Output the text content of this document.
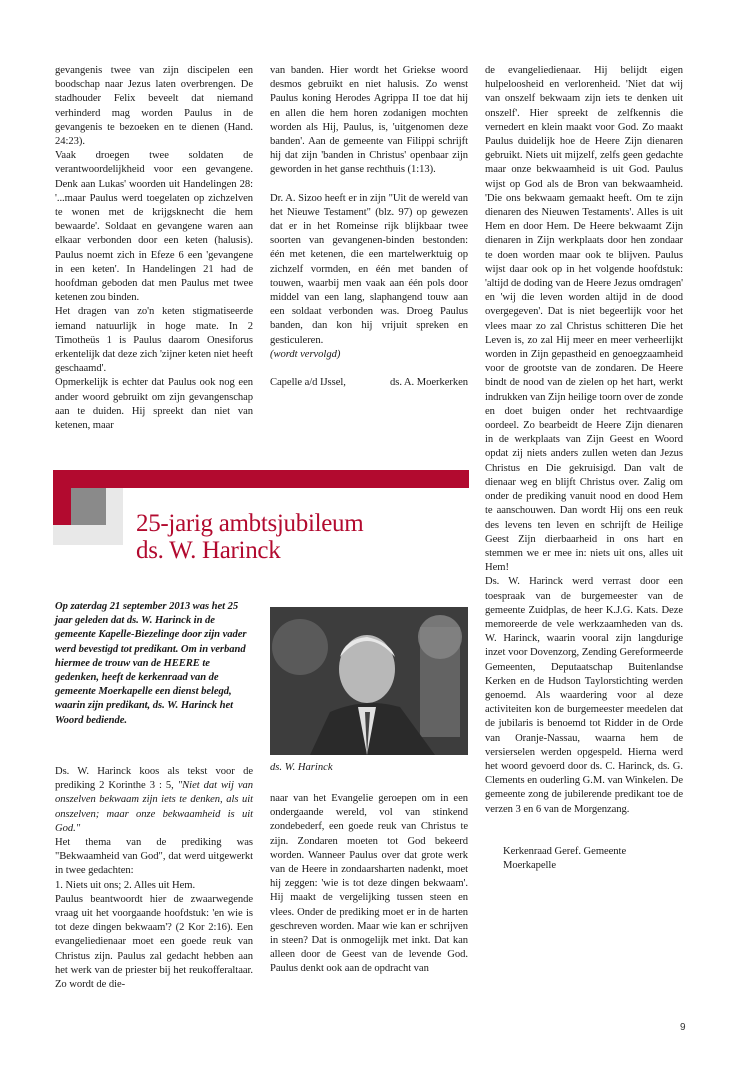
gevangenis twee van zijn discipelen een boodschap naar Jezus laten overbrengen. De stadhouder Felix beveelt dat niemand verhinderd mag worden Paulus in de gevangenis te bezoeken en te dienen (Hand. 24:23).

Vaak droegen twee soldaten de verantwoordelijkheid voor een gevangene. Denk aan Lukas' woorden uit Handelingen 28: '...maar Paulus werd toegelaten op zichzelven te wonen met de krijgsknecht die hem bewaarde'. Soldaat en gevangene waren aan elkaar verbonden door een keten (halusis). Paulus noemt zich in Efeze 6 een 'gevangene in een keten'. In Handelingen 21 had de hoofdman geboden dat men Paulus met twee ketenen zou binden.

Het dragen van zo'n keten stigmatiseerde iemand natuurlijk in hoge mate. In 2 Timotheüs 1 is Paulus daarom Onesiforus erkentelijk dat deze zich 'zijner keten niet heeft geschaamd'.

Opmerkelijk is echter dat Paulus ook nog een ander woord gebruikt om zijn gevangenschap aan te duiden. Hij spreekt dan niet van ketenen, maar

van banden. Hier wordt het Griekse woord desmos gebruikt en niet halusis. Zo wenst Paulus koning Herodes Agrippa II toe dat hij en allen die hem horen zodanigen mochten worden als Hij, Paulus, is, 'uitgenomen deze banden'. Aan de gemeente van Filippi schrijft hij dat zijn 'banden in Christus' openbaar zijn geworden in het ganse rechthuis (1:13).

Dr. A. Sizoo heeft er in zijn "Uit de wereld van het Nieuwe Testament" (blz. 97) op gewezen dat er in het Romeinse rijk blijkbaar twee soorten van gevangenen-binden bestonden: één met ketenen, die een martelwerktuig op zichzelf vormden, en één met banden of touwen, waarbij men vaak aan één pols door middel van een lang, slaphangend touw aan een soldaat verbonden was. Droeg Paulus banden, dan kon hij vrijuit spreken en gesticuleren.

(wordt vervolgd)

Capelle a/d IJssel,	ds. A. Moerkerken

de evangeliedienaar. Hij belijdt eigen hulpeloosheid en verlorenheid. 'Niet dat wij van onszelf bekwaam zijn iets te denken uit onszelf'. Hier spreekt de zelfkennis die vernedert en klein maakt voor God. Zo maakt Paulus duidelijk hoe de Heere Zijn dienaren gebruikt. Niets uit mijzelf, zelfs geen gedachte maar onze bekwaamheid is uit God. Paulus wijst op God als de Bron van bekwaamheid. 'Die ons bekwaam gemaakt heeft. Om te zijn dienaren des Nieuwen Testaments'. Alles is uit Hem en door Hem. De Heere bekwaamt Zijn dienaren in Zijn werkplaats door hen zondaar te doen worden maar ook te blijven. Paulus wijst daar ook op in het volgende hoofdstuk: 'altijd de doding van de Heere Jezus omdragen' en 'wij die leven worden altijd in de dood overgegeven'. Dat is niet begeerlijk voor het vlees maar zo zal Christus schitteren Die het Leven is, zo zal Hij meer en meer verheerlijkt worden in Zijn gepastheid en genoegzaamheid voor de grootste van de zondaren. De Heere bindt de nood van de zielen op het hart, werkt indrukken van Zijn heilige toorn over de zonde en doet buigen onder het rechtvaardige oordeel. Zo bearbeidt de Heere Zijn dienaren in de werkplaats van Zijn Geest en Woord opdat zij niets anders zullen weten dan Jezus Christus en Die gekruisigd. Dan valt de dienaar weg en blijft Christus over. Zalig om onder de prediking vanuit nood en dood Hem te aanschouwen. Dan wordt Hij ons een reuk des levens ten leven en schrijft de Heilige Geest Zijn dierbaarheid in ons hart en stemmen we er mee in: niets uit ons, alles uit Hem!

Ds. W. Harinck werd verrast door een toespraak van de burgemeester van de gemeente Zuidplas, de heer K.J.G. Kats. Deze memoreerde de vele werkzaamheden van ds. W. Harinck, waarin vooral zijn langdurige inzet voor Dovenzorg, Zending Gereformeerde Gemeenten, Deputaatschap Buitenlandse Kerken en de Hudson Taylorstichting werden genoemd. Als waardering voor al deze activiteiten kon de burgemeester meedelen dat de jubilaris is benoemd tot Ridder in de Orde van Oranje-Nassau, waarna hem de versierselen werden opgespeld. Hierna werd het woord gevoerd door ds. C. Harinck, ds. G. Clements en ouderling G.M. van Winkelen. De gemeente zong de jubilerende predikant toe de verzen 3 en 6 van de Morgenzang.

Kerkenraad Geref. Gemeente

Moerkapelle

25-jarig ambtsjubileum
ds. W. Harinck

Op zaterdag 21 september 2013 was het 25 jaar geleden dat ds. W. Harinck in de gemeente Kapelle-Biezelinge door zijn vader werd bevestigd tot predikant. Om in verband hiermee de trouw van de HEERE te gedenken, heeft de kerkenraad van de gemeente Moerkapelle een dienst belegd, waarin zijn predikant, ds. W. Harinck het Woord bediende.

Ds. W. Harinck koos als tekst voor de prediking 2 Korinthe 3 : 5, "Niet dat wij van onszelven bekwaam zijn iets te denken, als uit onszelven; maar onze bekwaamheid is uit God."

Het thema van de prediking was "Bekwaamheid van God", dat werd uitgewerkt in twee gedachten:

1. Niets uit ons; 2. Alles uit Hem.

Paulus beantwoordt hier de zwaarwegende vraag uit het voorgaande hoofdstuk: 'en wie is tot deze dingen bekwaam'? (2 Kor 2:16). Een evangeliedienaar moet een goede reuk van Christus zijn. Paulus zal gedacht hebben aan het werk van de priester bij het reukofferaltaar. Zo wordt de die-

ds. W. Harinck

naar van het Evangelie geroepen om in een ondergaande wereld, vol van stinkend zondebederf, een goede reuk van Christus te zijn. Zondaren moeten tot God bekeerd worden. Wanneer Paulus over dat grote werk van de Heere in zondaarsharten nadenkt, moet hij zeggen: 'wie is tot deze dingen bekwaam'. Hij maakt de vergelijking tussen steen en vlees. Onder de prediking moet er in de harten geschreven worden. Maar wie kan er schrijven in steen? Dat is onmogelijk met inkt. Dat kan alleen door de Geest van de levende God. Paulus denkt ook aan de opdracht van

9
